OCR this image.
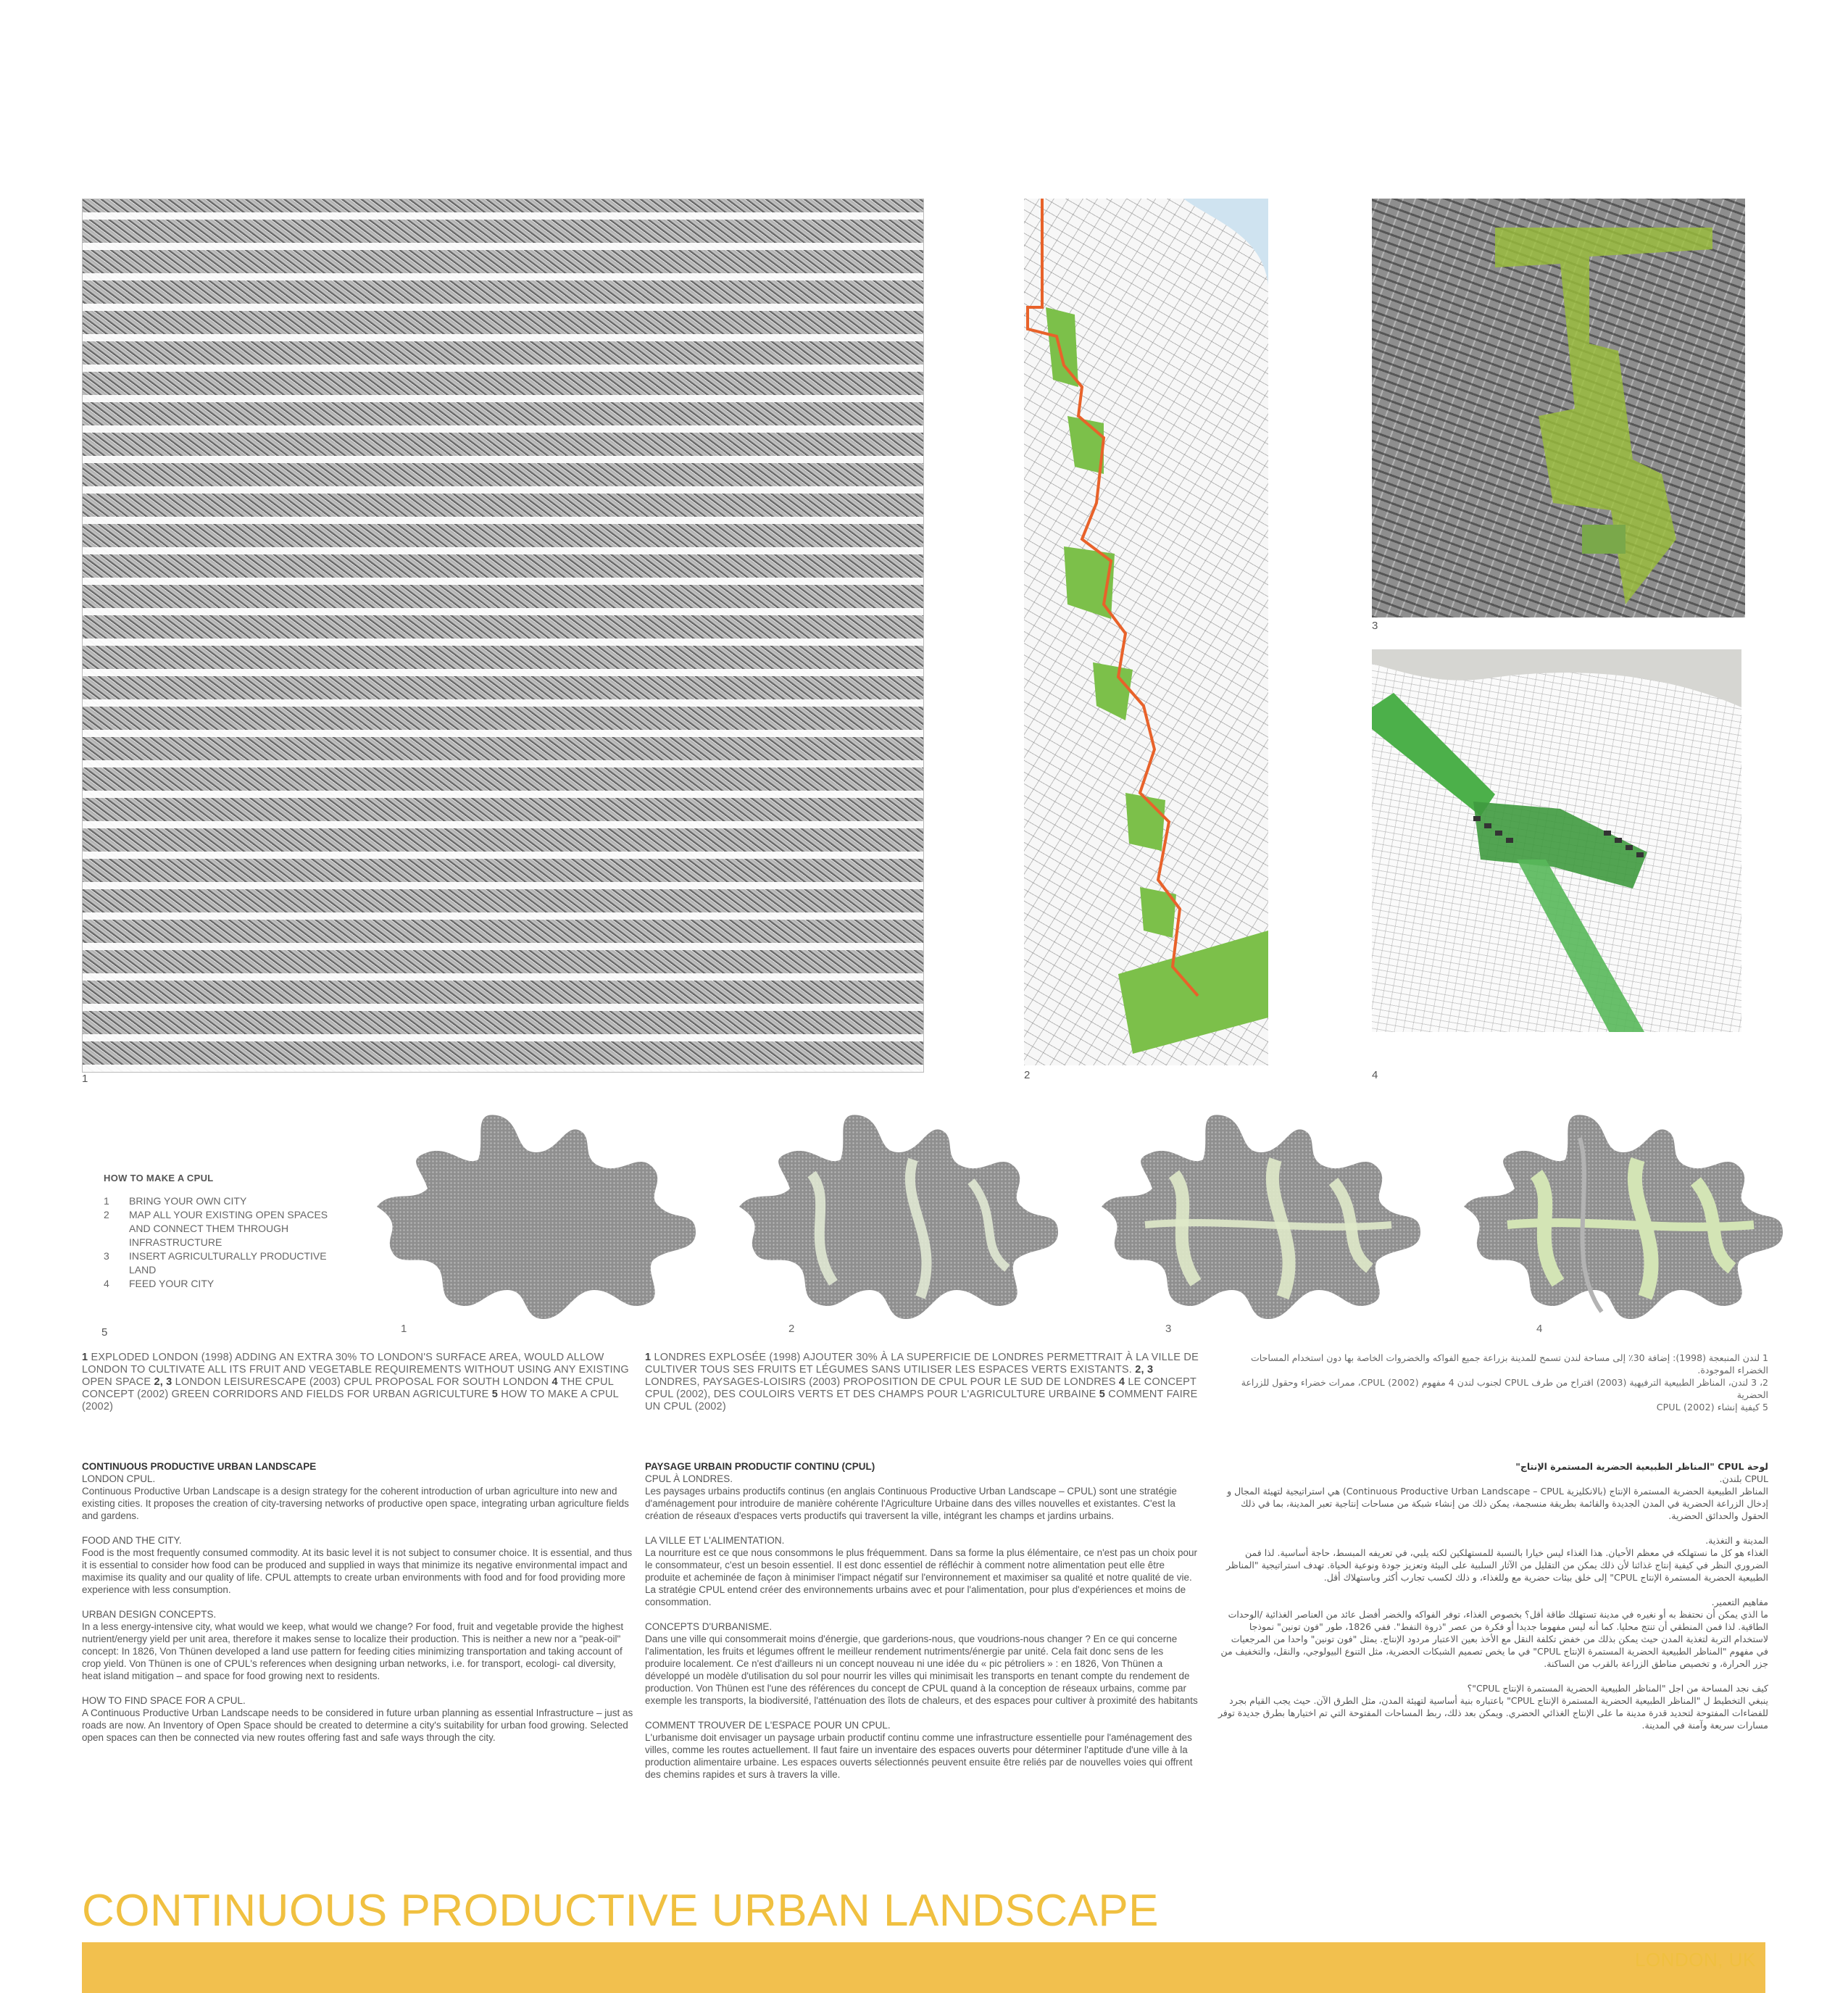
1	2
3
4
HOW TO MAKE A CPUL
1	BRING YOUR OWN CITY
2	MAP ALL YOUR EXISTING OPEN SPACES AND CONNECT THEM THROUGH INFRASTRUCTURE
3	INSERT AGRICULTURALLY PRODUCTIVE LAND
4	FEED YOUR CITY
5	1	2	3	4
1 EXPLODED LONDON (1998) ADDING AN EXTRA 30% TO LONDON'S SURFACE AREA, WOULD ALLOW LONDON TO CULTIVATE ALL ITS FRUIT AND VEGETABLE REQUIREMENTS WITHOUT USING ANY EXISTING OPEN SPACE 2, 3 LONDON LEISURESCAPE (2003) CPUL PROPOSAL FOR SOUTH LONDON 4 THE CPUL CONCEPT (2002) GREEN CORRIDORS AND FIELDS FOR URBAN AGRICULTURE 5 HOW TO MAKE A CPUL (2002)
1 LONDRES EXPLOSÉE (1998) AJOUTER 30% À LA SUPERFICIE DE LONDRES PERMETTRAIT À LA VILLE DE CULTIVER TOUS SES FRUITS ET LÉGUMES SANS UTILISER LES ESPACES VERTS EXISTANTS. 2, 3 LONDRES, PAYSAGES-LOISIRS (2003) PROPOSITION DE CPUL POUR LE SUD DE LONDRES 4 LE CONCEPT CPUL (2002), DES COULOIRS VERTS ET DES CHAMPS POUR L'AGRICULTURE URBAINE 5 COMMENT FAIRE UN CPUL (2002)
1 لندن المنبعجة (1998): إضافة 30٪ إلى مساحة لندن تسمح للمدينة بزراعة جميع الفواكه والخضروات الخاصة بها دون استخدام المساحات الخضراء الموجودة.
2، 3 لندن، المناظر الطبيعية الترفيهية (2003) اقتراح من طرف CPUL لجنوب لندن 4 مفهوم CPUL (2002)، ممرات خضراء وحقول للزراعة الحضرية
5 كيفية إنشاء CPUL (2002)
CONTINUOUS PRODUCTIVE URBAN LANDSCAPE
LONDON CPUL.

Continuous Productive Urban Landscape is a design strategy for the coherent introduction of urban agriculture into new and existing cities. It proposes the creation of city-traversing networks of productive open space, integrating urban agriculture fields and gardens.

FOOD AND THE CITY.

Food is the most frequently consumed commodity. At its basic level it is not subject to consumer choice. It is essential, and thus it is essential to consider how food can be produced and supplied in ways that minimize its negative environmental impact and maximise its quality and our quality of life. CPUL attempts to create urban environments with food and for food providing more experience with less consumption.

URBAN DESIGN CONCEPTS.

In a less energy-intensive city, what would we keep, what would we change? For food, fruit and vegetable provide the highest nutrient/energy yield per unit area, therefore it makes sense to localize their production. This is neither a new nor a "peak-oil" concept: In 1826, Von Thünen developed a land use pattern for feeding cities minimizing transportation and taking account of crop yield. Von Thünen is one of CPUL's references when designing urban networks, i.e. for transport, ecologi- cal diversity, heat island mitigation – and space for food growing next to residents.

HOW TO FIND SPACE FOR A CPUL.

A Continuous Productive Urban Landscape needs to be considered in future urban planning as essential Infrastructure – just as roads are now. An Inventory of Open Space should be created to determine a city's suitability for urban food growing. Selected open spaces can then be connected via new routes offering fast and safe ways through the city.

PAYSAGE URBAIN PRODUCTIF CONTINU (CPUL)
CPUL À LONDRES.

Les paysages urbains productifs continus (en anglais Continuous Productive Urban Landscape – CPUL) sont une stratégie d'aménagement pour introduire de manière cohérente l'Agriculture Urbaine dans des villes nouvelles et existantes. C'est la création de réseaux d'espaces verts productifs qui traversent la ville, intégrant les champs et jardins urbains.

LA VILLE ET L'ALIMENTATION.

La nourriture est ce que nous consommons le plus fréquemment. Dans sa forme la plus élémentaire, ce n'est pas un choix pour le consommateur, c'est un besoin essentiel. Il est donc essentiel de réfléchir à comment notre alimentation peut elle être produite et acheminée de façon à minimiser l'impact négatif sur l'environnement et maximiser sa qualité et notre qualité de vie. La stratégie CPUL entend créer des environnements urbains avec et pour l'alimentation, pour plus d'expériences et moins de consommation.

CONCEPTS D'URBANISME.

Dans une ville qui consommerait moins d'énergie, que garderions-nous, que voudrions-nous changer ? En ce qui concerne l'alimentation, les fruits et légumes offrent le meilleur rendement nutriments/énergie par unité. Cela fait donc sens de les produire localement. Ce n'est d'ailleurs ni un concept nouveau ni une idée du « pic pétroliers » : en 1826, Von Thünen a développé un modèle d'utilisation du sol pour nourrir les villes qui minimisait les transports en tenant compte du rendement de production. Von Thünen est l'une des références du concept de CPUL quand à la conception de réseaux urbains, comme par exemple les transports, la biodiversité, l'atténuation des îlots de chaleurs, et des espaces pour cultiver à proximité des habitants

COMMENT TROUVER DE L'ESPACE POUR UN CPUL.

L'urbanisme doit envisager un paysage urbain productif continu comme une infrastructure essentielle pour l'aménagement des villes, comme les routes actuellement. Il faut faire un inventaire des espaces ouverts pour déterminer l'aptitude d'une ville à la production alimentaire urbaine. Les espaces ouverts sélectionnés peuvent ensuite être reliés par de nouvelles voies qui offrent des chemins rapides et surs à travers la ville.

لوحة CPUL "المناظر الطبيعية الحضرية المستمرة الإنتاج"
CPUL بلندن.

المناظر الطبيعية الحضرية المستمرة الإنتاج (بالانكليزية Continuous Productive Urban Landscape – CPUL) هي استراتيجية لتهيئة المجال و إدخال الزراعة الحضرية في المدن الجديدة والقائمة بطريقة منسجمة، يمكن ذلك من إنشاء شبكة من مساحات إنتاجية تعبر المدينة، بما في ذلك الحقول والحدائق الحضرية.

المدينة و التغذية.

الغذاء هو كل ما نستهلكه في معظم الأحيان. هذا الغذاء ليس خيارا بالنسبة للمستهلكين لكنه يلبي، في تعريفه المبسط، حاجة أساسية. لذا فمن الضروري النظر في كيفية إنتاج غذائنا لأن ذلك يمكن من التقليل من الآثار السلبية على البيئة وتعزيز جودة ونوعية الحياة. تهدف استراتيجية "المناظر الطبيعية الحضرية المستمرة الإنتاج CPUL" إلى خلق بيئات حضرية مع وللغذاء، و ذلك لكسب تجارب أكثر وباستهلاك أقل.

مفاهيم التعمير.

ما الذي يمكن أن نحتفظ به أو نغيره في مدينة تستهلك طاقة أقل؟ بخصوص الغذاء، توفر الفواكه والخضر أفضل عائد من العناصر الغذائية /الوحدات الطاقية. لذا فمن المنطقي أن تنتج محليا. كما أنه ليس مفهوما جديدا أو فكرة من عصر "ذروة النفط". ففي 1826، طور "فون تونين" نموذجا لاستخدام التربة لتغذية المدن حيث يمكن بذلك من خفض تكلفة النقل مع الأخذ بعين الاعتبار مردود الإنتاج. يمثل "فون تونين" واحدا من المرجعيات في مفهوم "المناظر الطبيعية الحضرية المستمرة الإنتاج CPUL" في ما يخص تصميم الشبكات الحضرية، مثل التنوع البيولوجي، والنقل، والتخفيف من جزر الحرارة، و تخصيص مناطق الزراعة بالقرب من الساكنة.

كيف نجد المساحة من اجل "المناظر الطبيعية الحضرية المستمرة الإنتاج CPUL"؟

ينبغي التخطيط ل "المناظر الطبيعية الحضرية المستمرة الإنتاج CPUL" باعتباره بنية أساسية لتهيئة المدن، مثل الطرق الآن. حيث يجب القيام بجرد للفضاءات المفتوحة لتحديد قدرة مدينة ما على الإنتاج الغذائي الحضري. ويمكن بعد ذلك، ربط المساحات المفتوحة التي تم اختيارها بطرق جديدة توفر مسارات سريعة وآمنة في المدينة.

CONTINUOUS PRODUCTIVE URBAN LANDSCAPE
LONDON, UK
